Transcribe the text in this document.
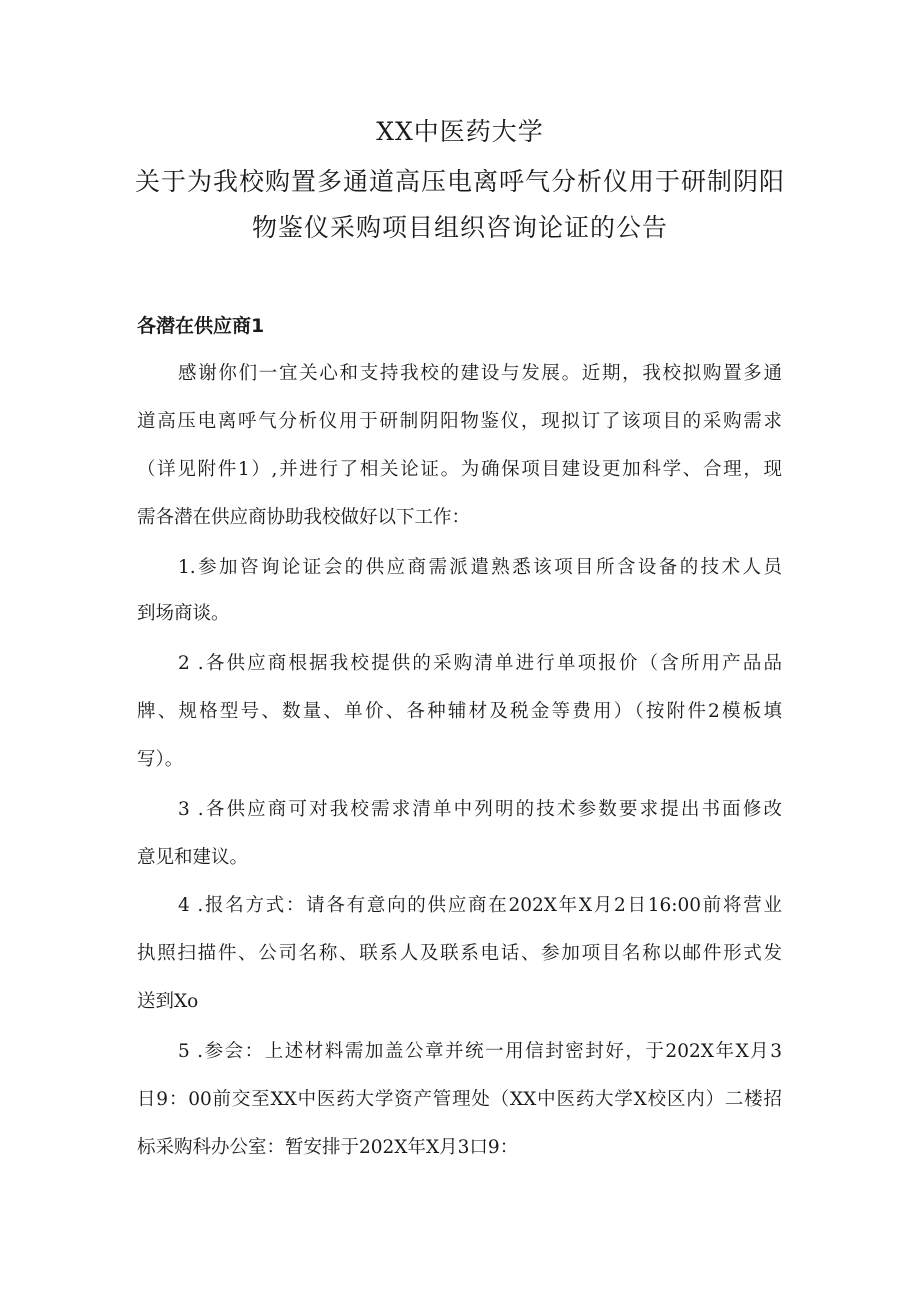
XX中医药大学
关于为我校购置多通道高压电离呼气分析仪用于研制阴阳
物鉴仪采购项目组织咨询论证的公告
各潜在供应商1
感谢你们一宜关心和支持我校的建设与发展。近期，我校拟购置多通
道高压电离呼气分析仪用于研制阴阳物鉴仪，现拟订了该项目的采购需求
（详见附件1）,并进行了相关论证。为确保项目建设更加科学、合理，现
需各潜在供应商协助我校做好以下工作：
1.参加咨询论证会的供应商需派遣熟悉该项目所含设备的技术人员
到场商谈。
2 .各供应商根据我校提供的采购清单进行单项报价（含所用产品品
牌、规格型号、数量、单价、各种辅材及税金等费用）（按附件2模板填
写）。
3 .各供应商可对我校需求清单中列明的技术参数要求提出书面修改
意见和建议。
4 .报名方式：请各有意向的供应商在202X年X月2日16:00前将营业
执照扫描件、公司名称、联系人及联系电话、参加项目名称以邮件形式发
送到Xo
5 .参会：上述材料需加盖公章并统一用信封密封好，于202X年X月3
日9：00前交至XX中医药大学资产管理处（XX中医药大学X校区内）二楼招
标采购科办公室：暂安排于202X年X月3口9：
